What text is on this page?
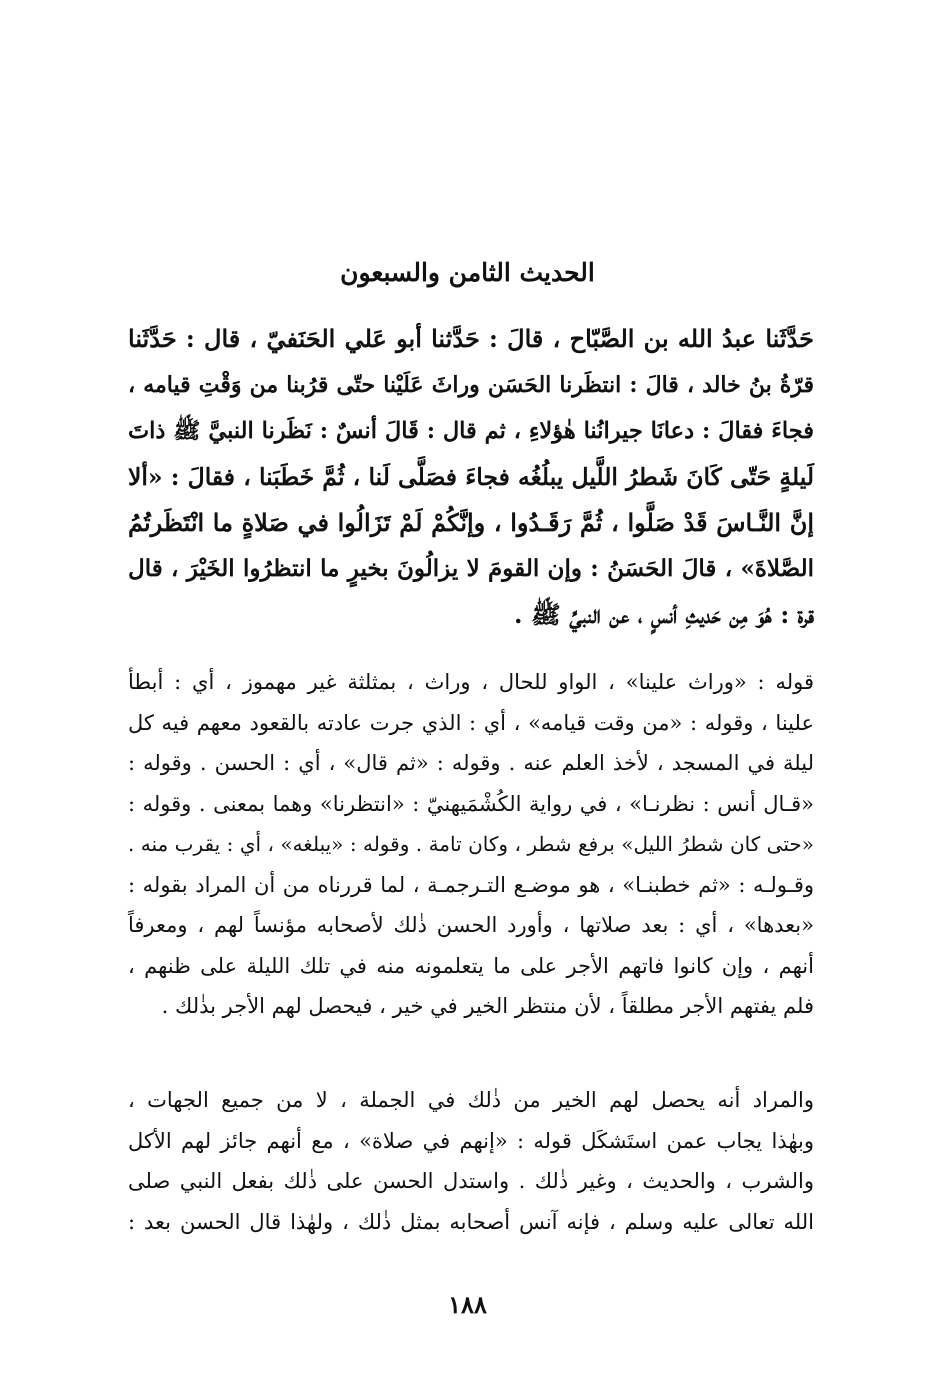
الحديث الثامن والسبعون
حَدَّثَنا عبدُ الله بن الصَّبّاح ، قالَ : حَدَّثنا أبو عَلي الحَنَفيّ ، قال : حَدَّثَنا
قرّةُ بنُ خالد ، قالَ : انتظَرنا الحَسَن وراثَ عَلَيْنا حتّى قرُبنا من وَقْتِ قيامه ،
فجاءَ فقالَ : دعانَا جيرانُنا هٰؤلاءِ ، ثم قال : قَالَ أنسٌ : نَظَرنا النبيَّ ﷺ ذاتَ
لَيلةٍ حَتّى كَانَ شَطرُ اللَّيل يبلُغُه فجاءَ فصَلَّى لَنا ، ثُمَّ خَطَبَنا ، فقالَ : «ألا
إنَّ النَّـاسَ قَدْ صَلَّوا ، ثُمَّ رَقَـدُوا ، وإنَّكُمْ لَمْ تَزَالُوا في صَلاةٍ ما انْتَظَرتُمُ
الصَّلاةَ» ، قالَ الحَسَنُ : وإن القومَ لا يزالُونَ بخيرٍ ما انتظرُوا الخَيْرَ ، قال
قرة : هُوَ مِن حَديثِ أنسٍ ، عن النبيِّ ﷺ .
قوله : «وراث علينا» ، الواو للحال ، وراث ، بمثلثة غير مهموز ، أي : أبطأ
علينا ، وقوله : «من وقت قيامه» ، أي : الذي جرت عادته بالقعود معهم فيه كل
ليلة في المسجد ، لأخذ العلم عنه . وقوله : «ثم قال» ، أي : الحسن . وقوله :
«قـال أنس : نظرنـا» ، في رواية الكُشْمَيهنيّ : «انتظرنا» وهما بمعنى . وقوله :
«حتى كان شطرُ الليل» برفع شطر ، وكان تامة . وقوله : «يبلغه» ، أي : يقرب منه .
وقـولـه : «ثم خطبنـا» ، هو موضـع التـرجمـة ، لما قررناه من أن المراد بقوله :
«بعدها» ، أي : بعد صلاتها ، وأورد الحسن ذٰلك لأصحابه مؤنساً لهم ، ومعرفاً
أنهم ، وإن كانوا فاتهم الأجر على ما يتعلمونه منه في تلك الليلة على ظنهم ،
فلم يفتهم الأجر مطلقاً ، لأن منتظر الخير في خير ، فيحصل لهم الأجر بذٰلك .
والمراد أنه يحصل لهم الخير من ذٰلك في الجملة ، لا من جميع الجهات ،
وبهٰذا يجاب عمن استَشكَل قوله : «إنهم في صلاة» ، مع أنهم جائز لهم الأكل
والشرب ، والحديث ، وغير ذٰلك . واستدل الحسن على ذٰلك بفعل النبي صلى
الله تعالى عليه وسلم ، فإنه آنس أصحابه بمثل ذٰلك ، ولهٰذا قال الحسن بعد :
١٨٨
